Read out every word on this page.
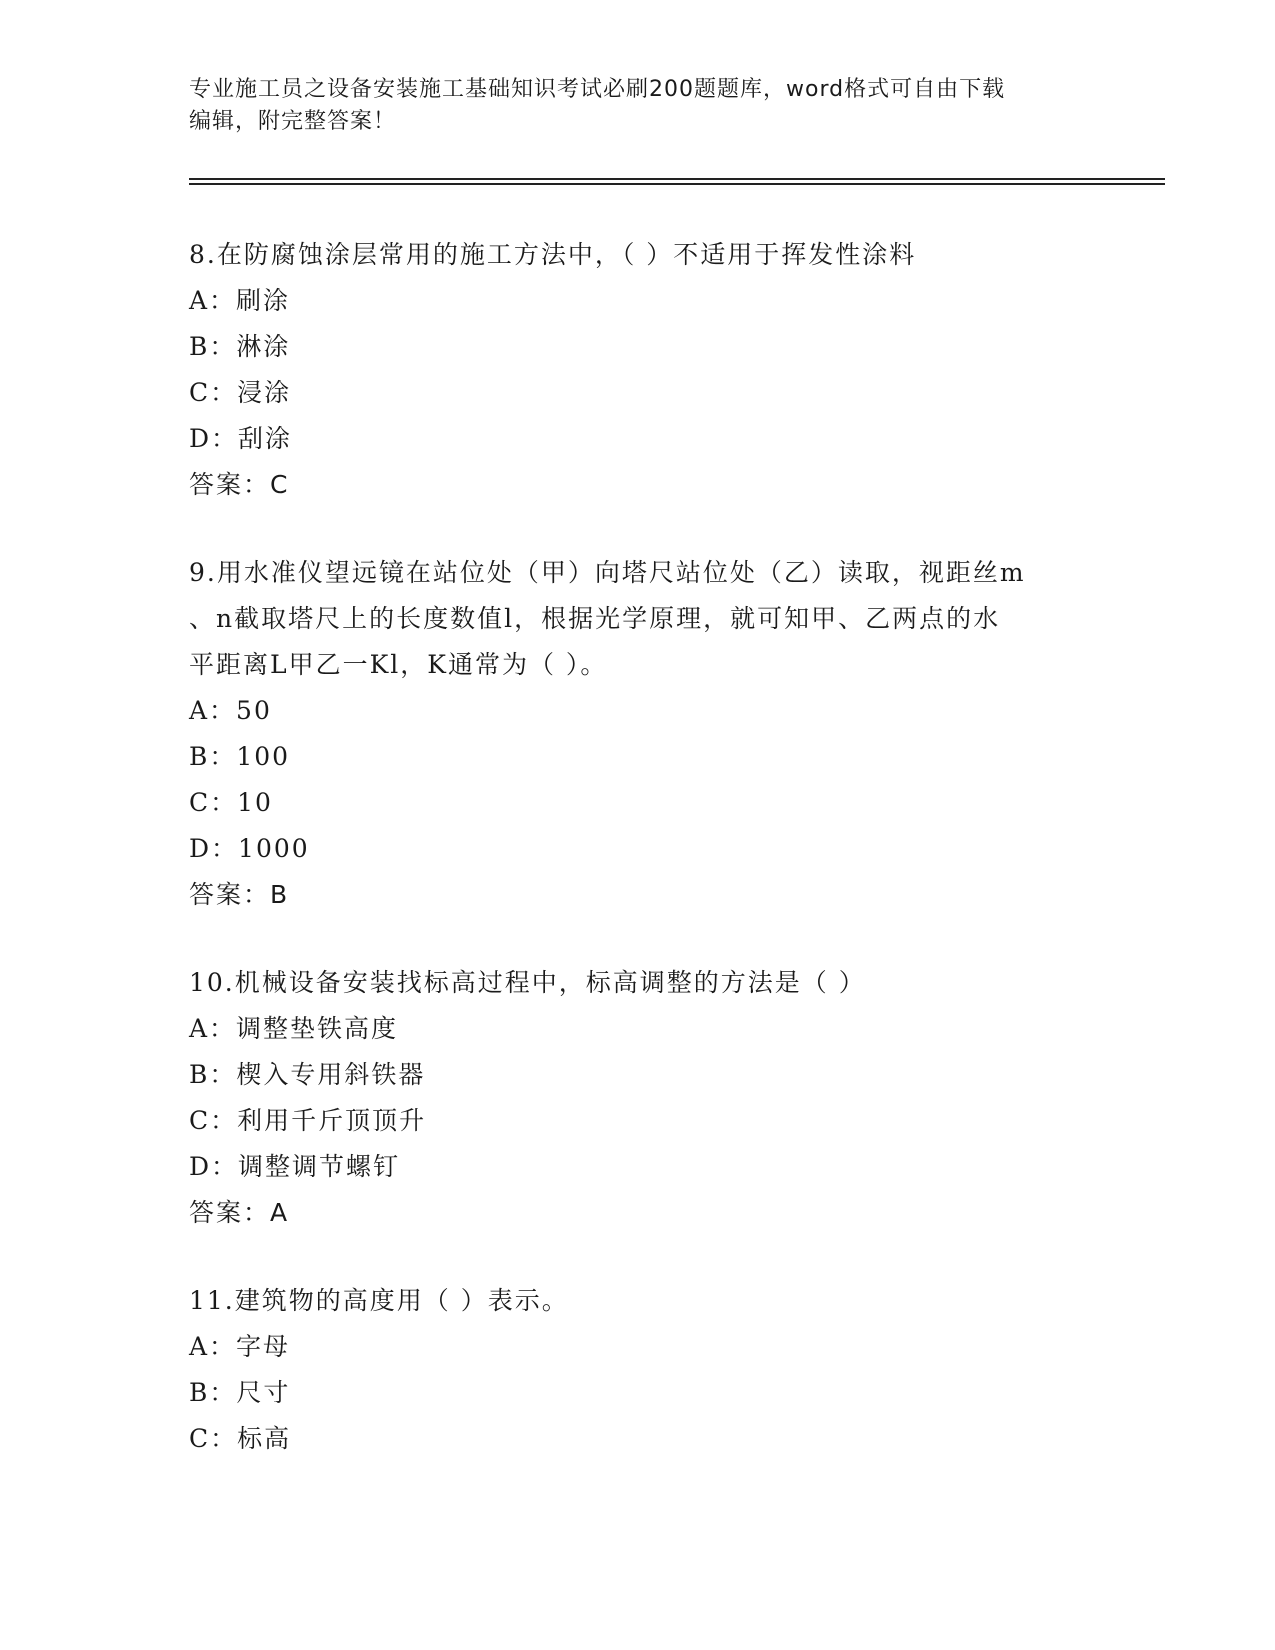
专业施工员之设备安装施工基础知识考试必刷200题题库，word格式可自由下载
编辑，附完整答案！
8.在防腐蚀涂层常用的施工方法中，（ ）不适用于挥发性涂料
A：刷涂
B：淋涂
C：浸涂
D：刮涂
答案：C
9.用水准仪望远镜在站位处（甲）向塔尺站位处（乙）读取，视距丝m
、n截取塔尺上的长度数值l，根据光学原理，就可知甲、乙两点的水
平距离L甲乙一Kl，K通常为（ ）。
A：50
B：100
C：10
D：1000
答案：B
10.机械设备安装找标高过程中，标高调整的方法是（ ）
A：调整垫铁高度
B：楔入专用斜铁器
C：利用千斤顶顶升
D：调整调节螺钉
答案：A
11.建筑物的高度用（ ）表示。
A：字母
B：尺寸
C：标高
